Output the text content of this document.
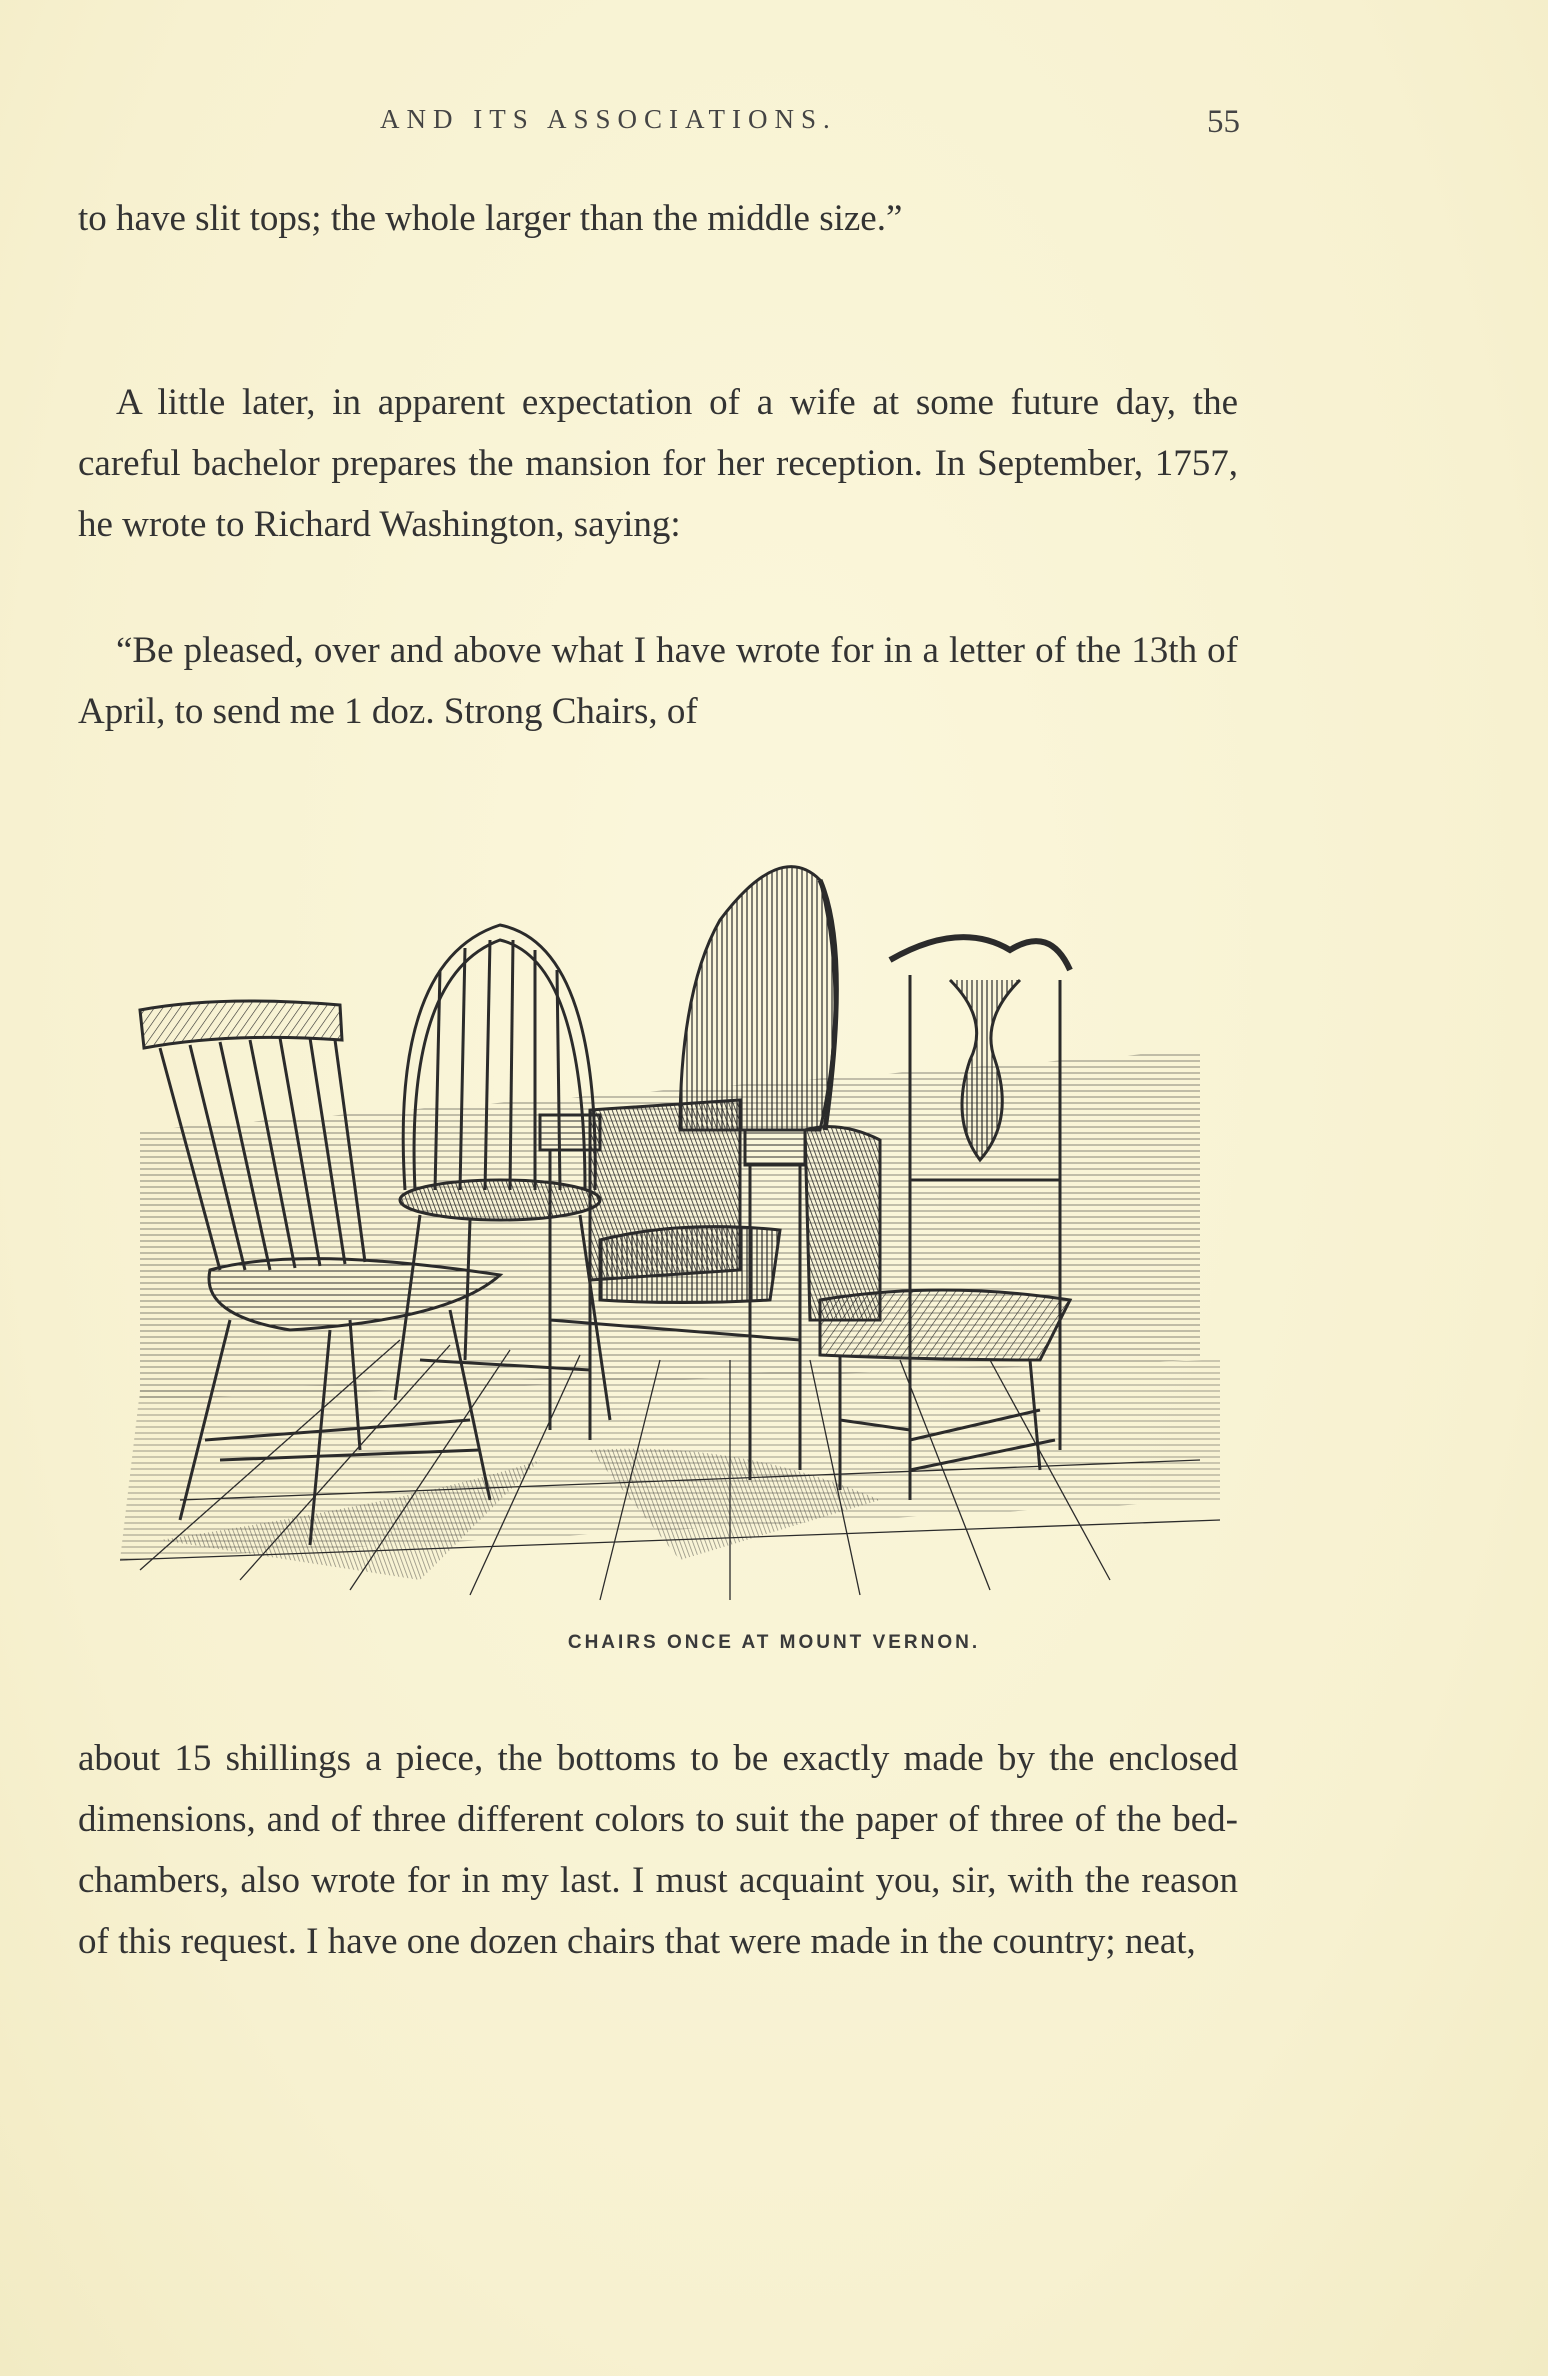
AND ITS ASSOCIATIONS.	55

to have slit tops; the whole larger than the middle size.”

A little later, in apparent expectation of a wife at some future day, the careful bachelor prepares the mansion for her reception. In September, 1757, he wrote to Richard Washington, saying:

“Be pleased, over and above what I have wrote for in a letter of the 13th of April, to send me 1 doz. Strong Chairs, of

CHAIRS ONCE AT MOUNT VERNON.

about 15 shillings a piece, the bottoms to be exactly made by the enclosed dimensions, and of three different colors to suit the paper of three of the bed-chambers, also wrote for in my last. I must acquaint you, sir, with the reason of this request. I have one dozen chairs that were made in the country; neat,
